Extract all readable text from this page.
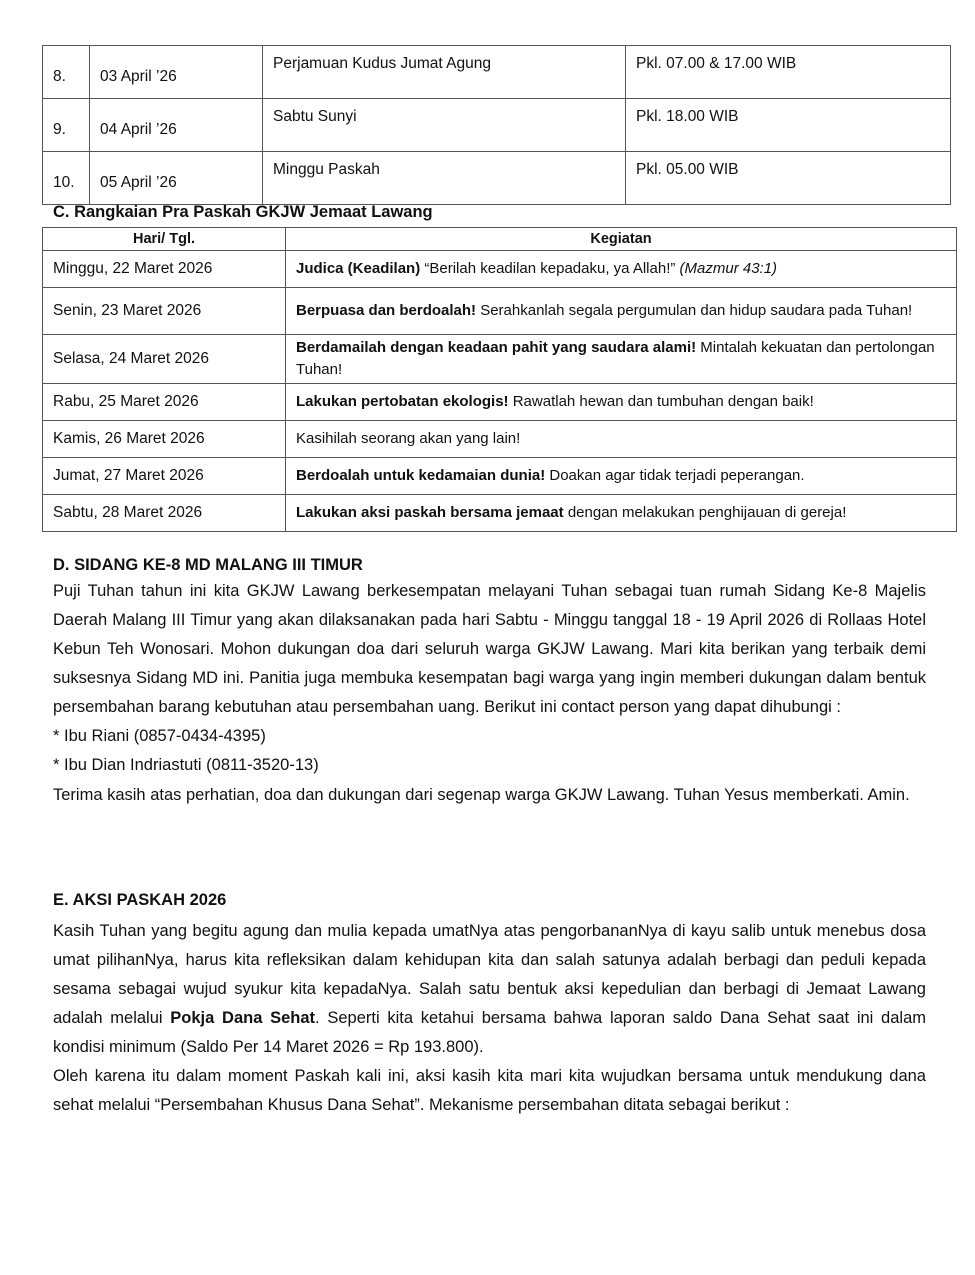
8.	03 April ’26	Perjamuan Kudus Jumat Agung	Pkl. 07.00 & 17.00 WIB
9.	04 April ’26	Sabtu Sunyi	Pkl. 18.00 WIB
10.	05 April ’26	Minggu Paskah	Pkl. 05.00 WIB
C. Rangkaian Pra Paskah GKJW Jemaat Lawang
Hari/ Tgl.	Kegiatan
Minggu, 22 Maret 2026	Judica (Keadilan) “Berilah keadilan kepadaku, ya Allah!” (Mazmur 43:1)
Senin, 23 Maret 2026	Berpuasa dan berdoalah! Serahkanlah segala pergumulan dan hidup saudara pada Tuhan!
Selasa, 24 Maret 2026	Berdamailah dengan keadaan pahit yang saudara alami! Mintalah kekuatan dan pertolongan Tuhan!
Rabu, 25 Maret 2026	Lakukan pertobatan ekologis! Rawatlah hewan dan tumbuhan dengan baik!
Kamis, 26 Maret 2026	Kasihilah seorang akan yang lain!
Jumat, 27 Maret 2026	Berdoalah untuk kedamaian dunia! Doakan agar tidak terjadi peperangan.
Sabtu, 28 Maret 2026	Lakukan aksi paskah bersama jemaat dengan melakukan penghijauan di gereja!
D. SIDANG KE-8 MD MALANG III TIMUR

Puji Tuhan tahun ini kita GKJW Lawang berkesempatan melayani Tuhan sebagai tuan rumah Sidang Ke-8 Majelis Daerah Malang III Timur yang akan dilaksanakan pada hari Sabtu - Minggu tanggal 18 - 19 April 2026 di Rollaas Hotel Kebun Teh Wonosari. Mohon dukungan doa dari seluruh warga GKJW Lawang. Mari kita berikan yang terbaik demi suksesnya Sidang MD ini. Panitia juga membuka kesempatan bagi warga yang ingin memberi dukungan dalam bentuk persembahan barang kebutuhan atau persembahan uang. Berikut ini contact person yang dapat dihubungi :

* Ibu Riani (0857-0434-4395)

* Ibu Dian Indriastuti (0811-3520-13)

Terima kasih atas perhatian, doa dan dukungan dari segenap warga GKJW Lawang. Tuhan Yesus memberkati. Amin.

E. AKSI PASKAH 2026

Kasih Tuhan yang begitu agung dan mulia kepada umatNya atas pengorbananNya di kayu salib untuk menebus dosa umat pilihanNya, harus kita refleksikan dalam kehidupan kita dan salah satunya adalah berbagi dan peduli kepada sesama sebagai wujud syukur kita kepadaNya. Salah satu bentuk aksi kepedulian dan berbagi di Jemaat Lawang adalah melalui Pokja Dana Sehat. Seperti kita ketahui bersama bahwa laporan saldo Dana Sehat saat ini dalam kondisi minimum (Saldo Per 14 Maret 2026 = Rp 193.800).

Oleh karena itu dalam moment Paskah kali ini, aksi kasih kita mari kita wujudkan bersama untuk mendukung dana sehat melalui “Persembahan Khusus Dana Sehat”. Mekanisme persembahan ditata sebagai berikut :
